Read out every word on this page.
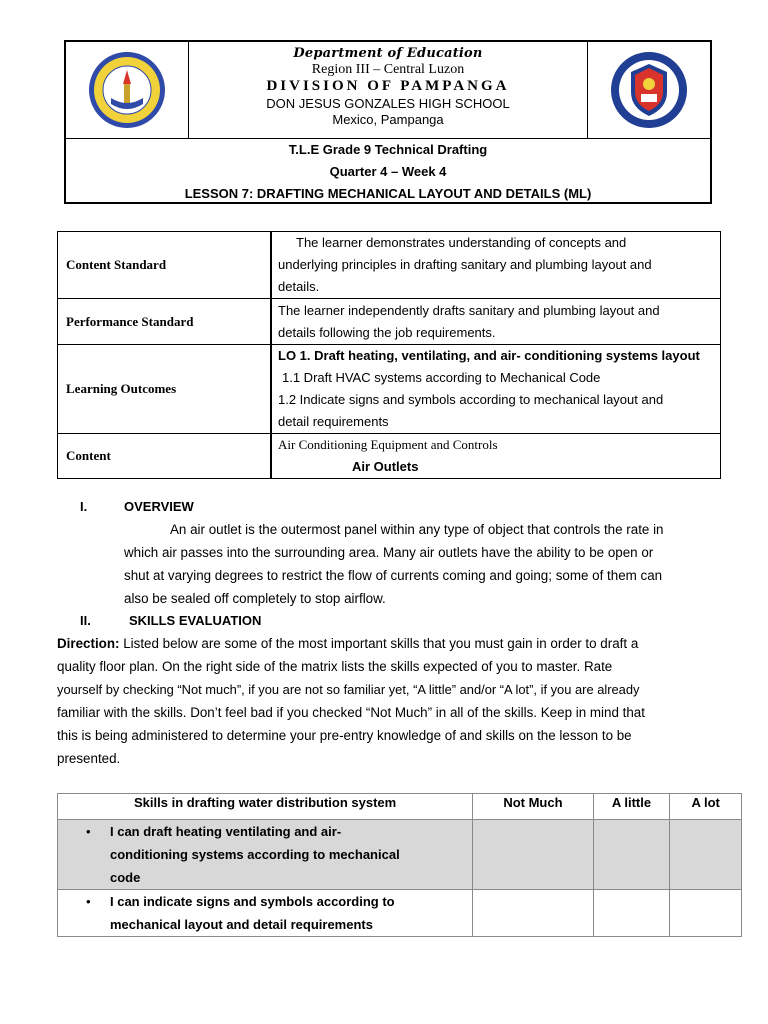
Department of Education
Region III – Central Luzon
DIVISION OF PAMPANGA
DON JESUS GONZALES HIGH SCHOOL
Mexico, Pampanga
T.L.E Grade 9 Technical Drafting
Quarter 4 – Week 4
LESSON 7: DRAFTING MECHANICAL LAYOUT AND DETAILS (ML)
Content Standard	The learner demonstrates understanding of concepts and
underlying principles in drafting sanitary and plumbing layout and
details.

Performance Standard	The learner independently drafts sanitary and plumbing layout and
details following the job requirements.

Learning Outcomes	LO 1. Draft heating, ventilating, and air- conditioning systems layout
1.1 Draft HVAC systems according to Mechanical Code
1.2 Indicate signs and symbols according to mechanical layout and
detail requirements

Content	Air Conditioning Equipment and Controls
Air Outlets
I.	OVERVIEW
An air outlet is the outermost panel within any type of object that controls the rate in
which air passes into the surrounding area. Many air outlets have the ability to be open or
shut at varying degrees to restrict the flow of currents coming and going; some of them can
also be sealed off completely to stop airflow.
II.	SKILLS EVALUATION
Direction: Listed below are some of the most important skills that you must gain in order to draft a
quality floor plan. On the right side of the matrix lists the skills expected of you to master. Rate
yourself by checking “Not much”, if you are not so familiar yet, “A little” and/or “A lot”, if you are already
familiar with the skills. Don’t feel bad if you checked “Not Much” in all of the skills. Keep in mind that
this is being administered to determine your pre-entry knowledge of and skills on the lesson to be
presented.
Skills in drafting water distribution system	Not Much	A little	A lot

• I can draft heating ventilating and air-
conditioning systems according to mechanical
code

• I can indicate signs and symbols according to
mechanical layout and detail requirements
